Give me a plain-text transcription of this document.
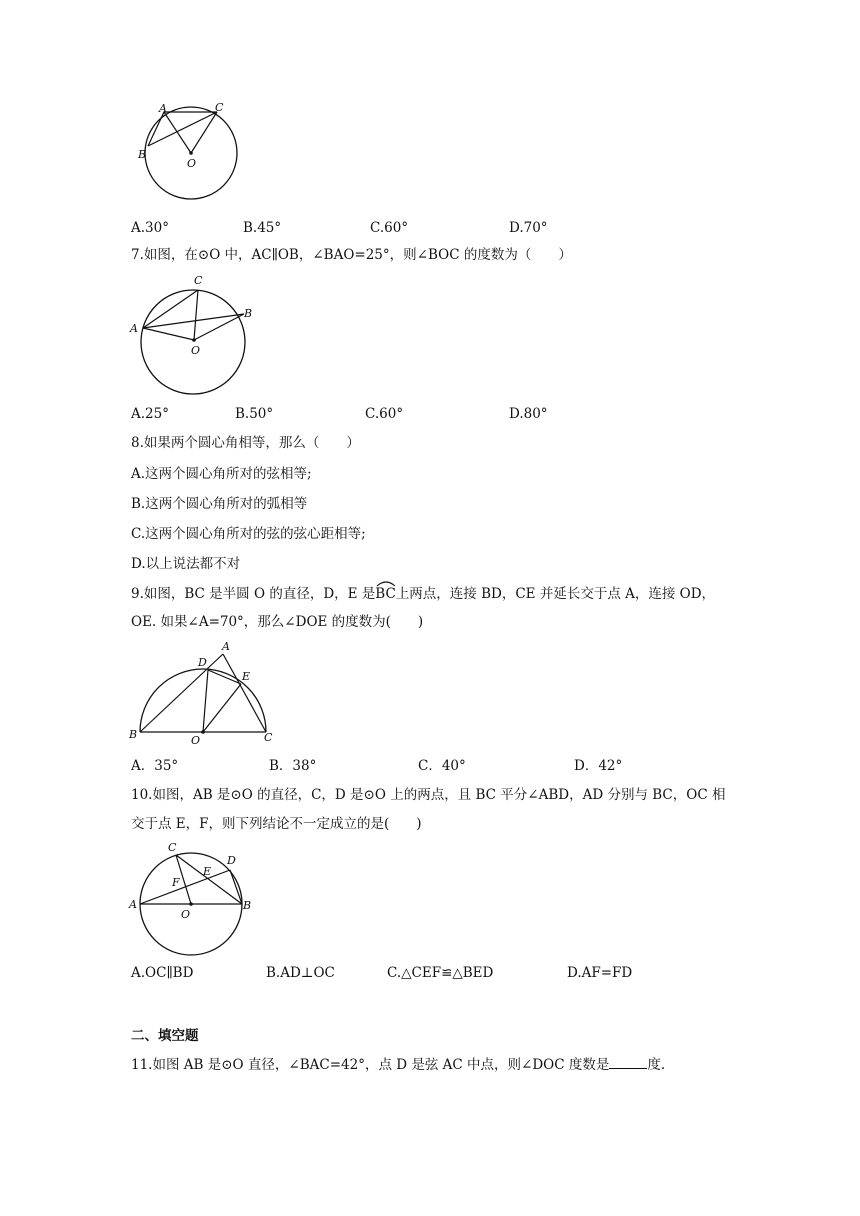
A	C
B
O
A.30°	B.45°	C.60°	D.70°
7.如图，在⊙O 中，AC∥OB，∠BAO=25°，则∠BOC 的度数为（　　）
C
A
B
O
A.25°	B.50°	C.60°	D.80°
8.如果两个圆心角相等，那么（　　）
A.这两个圆心角所对的弦相等;
B.这两个圆心角所对的弧相等
C.这两个圆心角所对的弦的弦心距相等;
D.以上说法都不对
9.如图，BC 是半圆 O 的直径，D，E 是
BC上两点，连接 BD，CE 并延长交于点 A，连接 OD，
OE. 如果∠A=70°，那么∠DOE 的度数为(　　)
A
D
E
B	O	C
A．35°	B．38°	C．40°	D．42°
10.如图，AB 是⊙O 的直径，C，D 是⊙O 上的两点，且 BC 平分∠ABD，AD 分别与 BC，OC 相
交于点 E，F，则下列结论不一定成立的是(　　)
C
D
E
F
A	B
O
A.OC∥BD	B.AD⊥OC	C.△CEF≌△BED	D.AF=FD
二、填空题
11.如图 AB 是⊙O 直径，∠BAC=42°，点 D 是弦 AC 中点，则∠DOC 度数是	度.
